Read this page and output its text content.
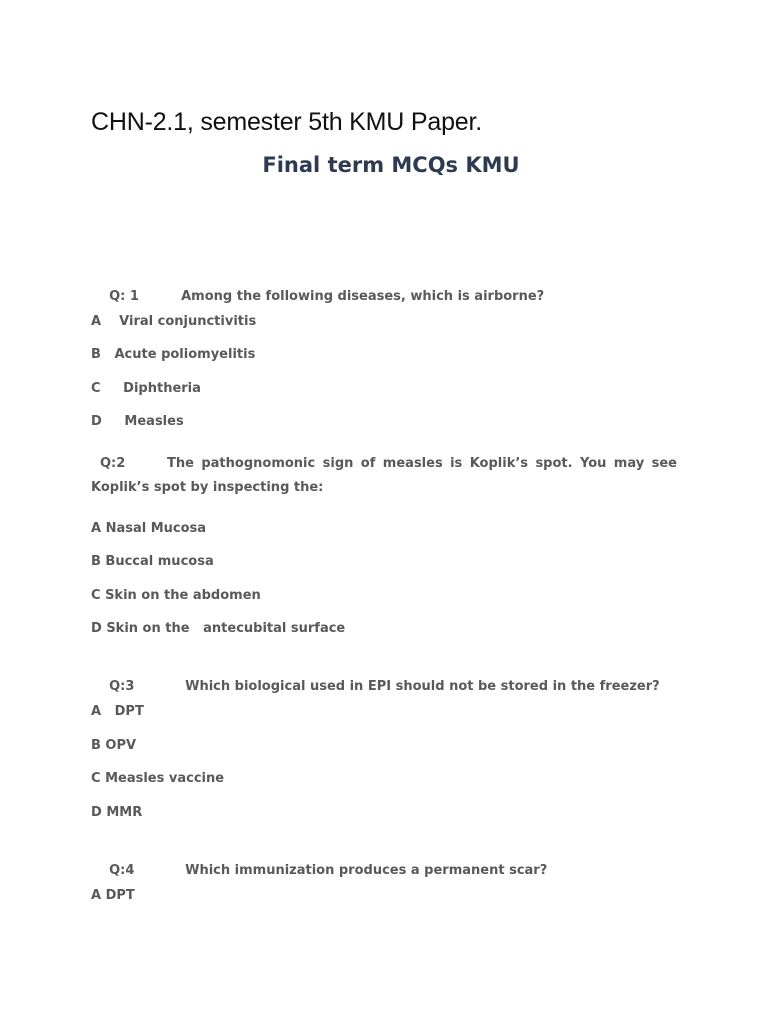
CHN-2.1, semester 5th KMU Paper.
Final term MCQs KMU

Q: 1	Among the following diseases, which is airborne?

A    Viral conjunctivitis
B   Acute poliomyelitis
C     Diphtheria
D     Measles
Q:2	The pathognomonic sign of measles is Koplik’s spot. You may see Koplik’s spot by inspecting the:
A Nasal Mucosa
B Buccal mucosa
C Skin on the abdomen
D Skin on the   antecubital surface

Q:3	Which biological used in EPI should not be stored in the freezer?

A   DPT
B OPV
C Measles vaccine
D MMR

Q:4	Which immunization produces a permanent scar?

A DPT
